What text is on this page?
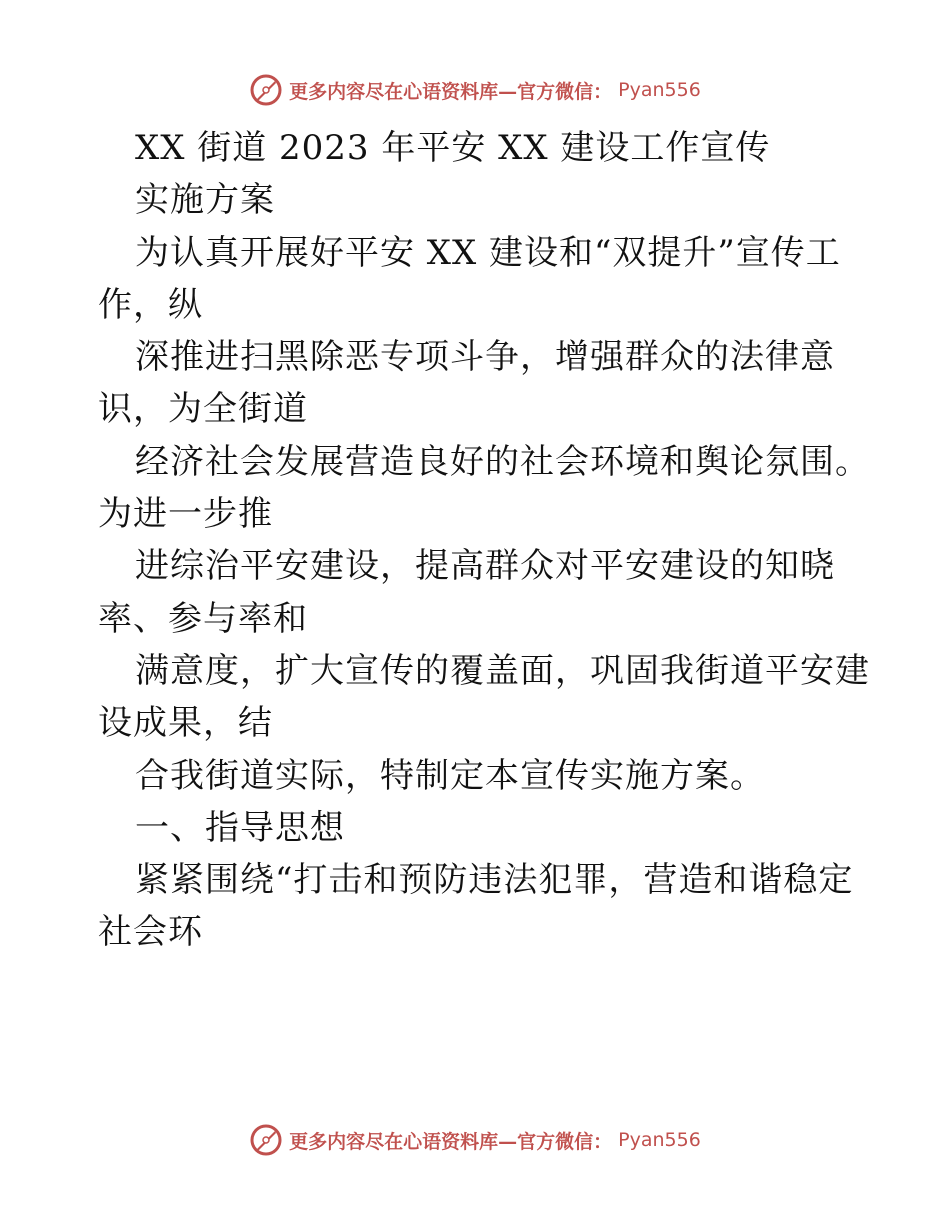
更多内容尽在心语资料库—官方微信： Pyan556
XX 街道 2023 年平安 XX 建设工作宣传
实施方案
为认真开展好平安 XX 建设和“双提升”宣传工
作，纵
深推进扫黑除恶专项斗争，增强群众的法律意
识，为全街道
经济社会发展营造良好的社会环境和舆论氛围。
为进一步推
进综治平安建设，提高群众对平安建设的知晓
率、参与率和
满意度，扩大宣传的覆盖面，巩固我街道平安建
设成果，结
合我街道实际，特制定本宣传实施方案。
一、指导思想
紧紧围绕“打击和预防违法犯罪，营造和谐稳定
社会环
更多内容尽在心语资料库—官方微信： Pyan556
